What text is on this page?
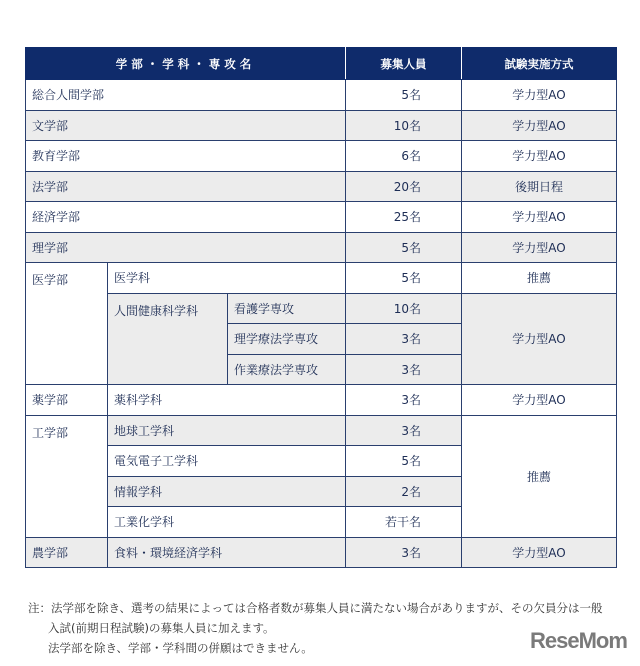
学部・学科・専攻名			募集人員	試験実施方式
総合人間学部			5名	学力型AO
文学部			10名	学力型AO
教育学部			6名	学力型AO
法学部			20名	後期日程
経済学部			25名	学力型AO
理学部			5名	学力型AO
医学部	医学科		5名	推薦
	人間健康科学科	看護学専攻	10名	学力型AO
		理学療法学専攻	3名	
		作業療法学専攻	3名	
薬学部	薬科学科		3名	学力型AO
工学部	地球工学科		3名	推薦
	電気電子工学科		5名	
	情報学科		2名	
	工業化学科		若干名	
農学部	食料・環境経済学科		3名	学力型AO
注：法学部を除き、選考の結果によっては合格者数が募集人員に満たない場合がありますが、その欠員分は一般
入試(前期日程試験)の募集人員に加えます。
法学部を除き、学部・学科間の併願はできません。	ReseMom
